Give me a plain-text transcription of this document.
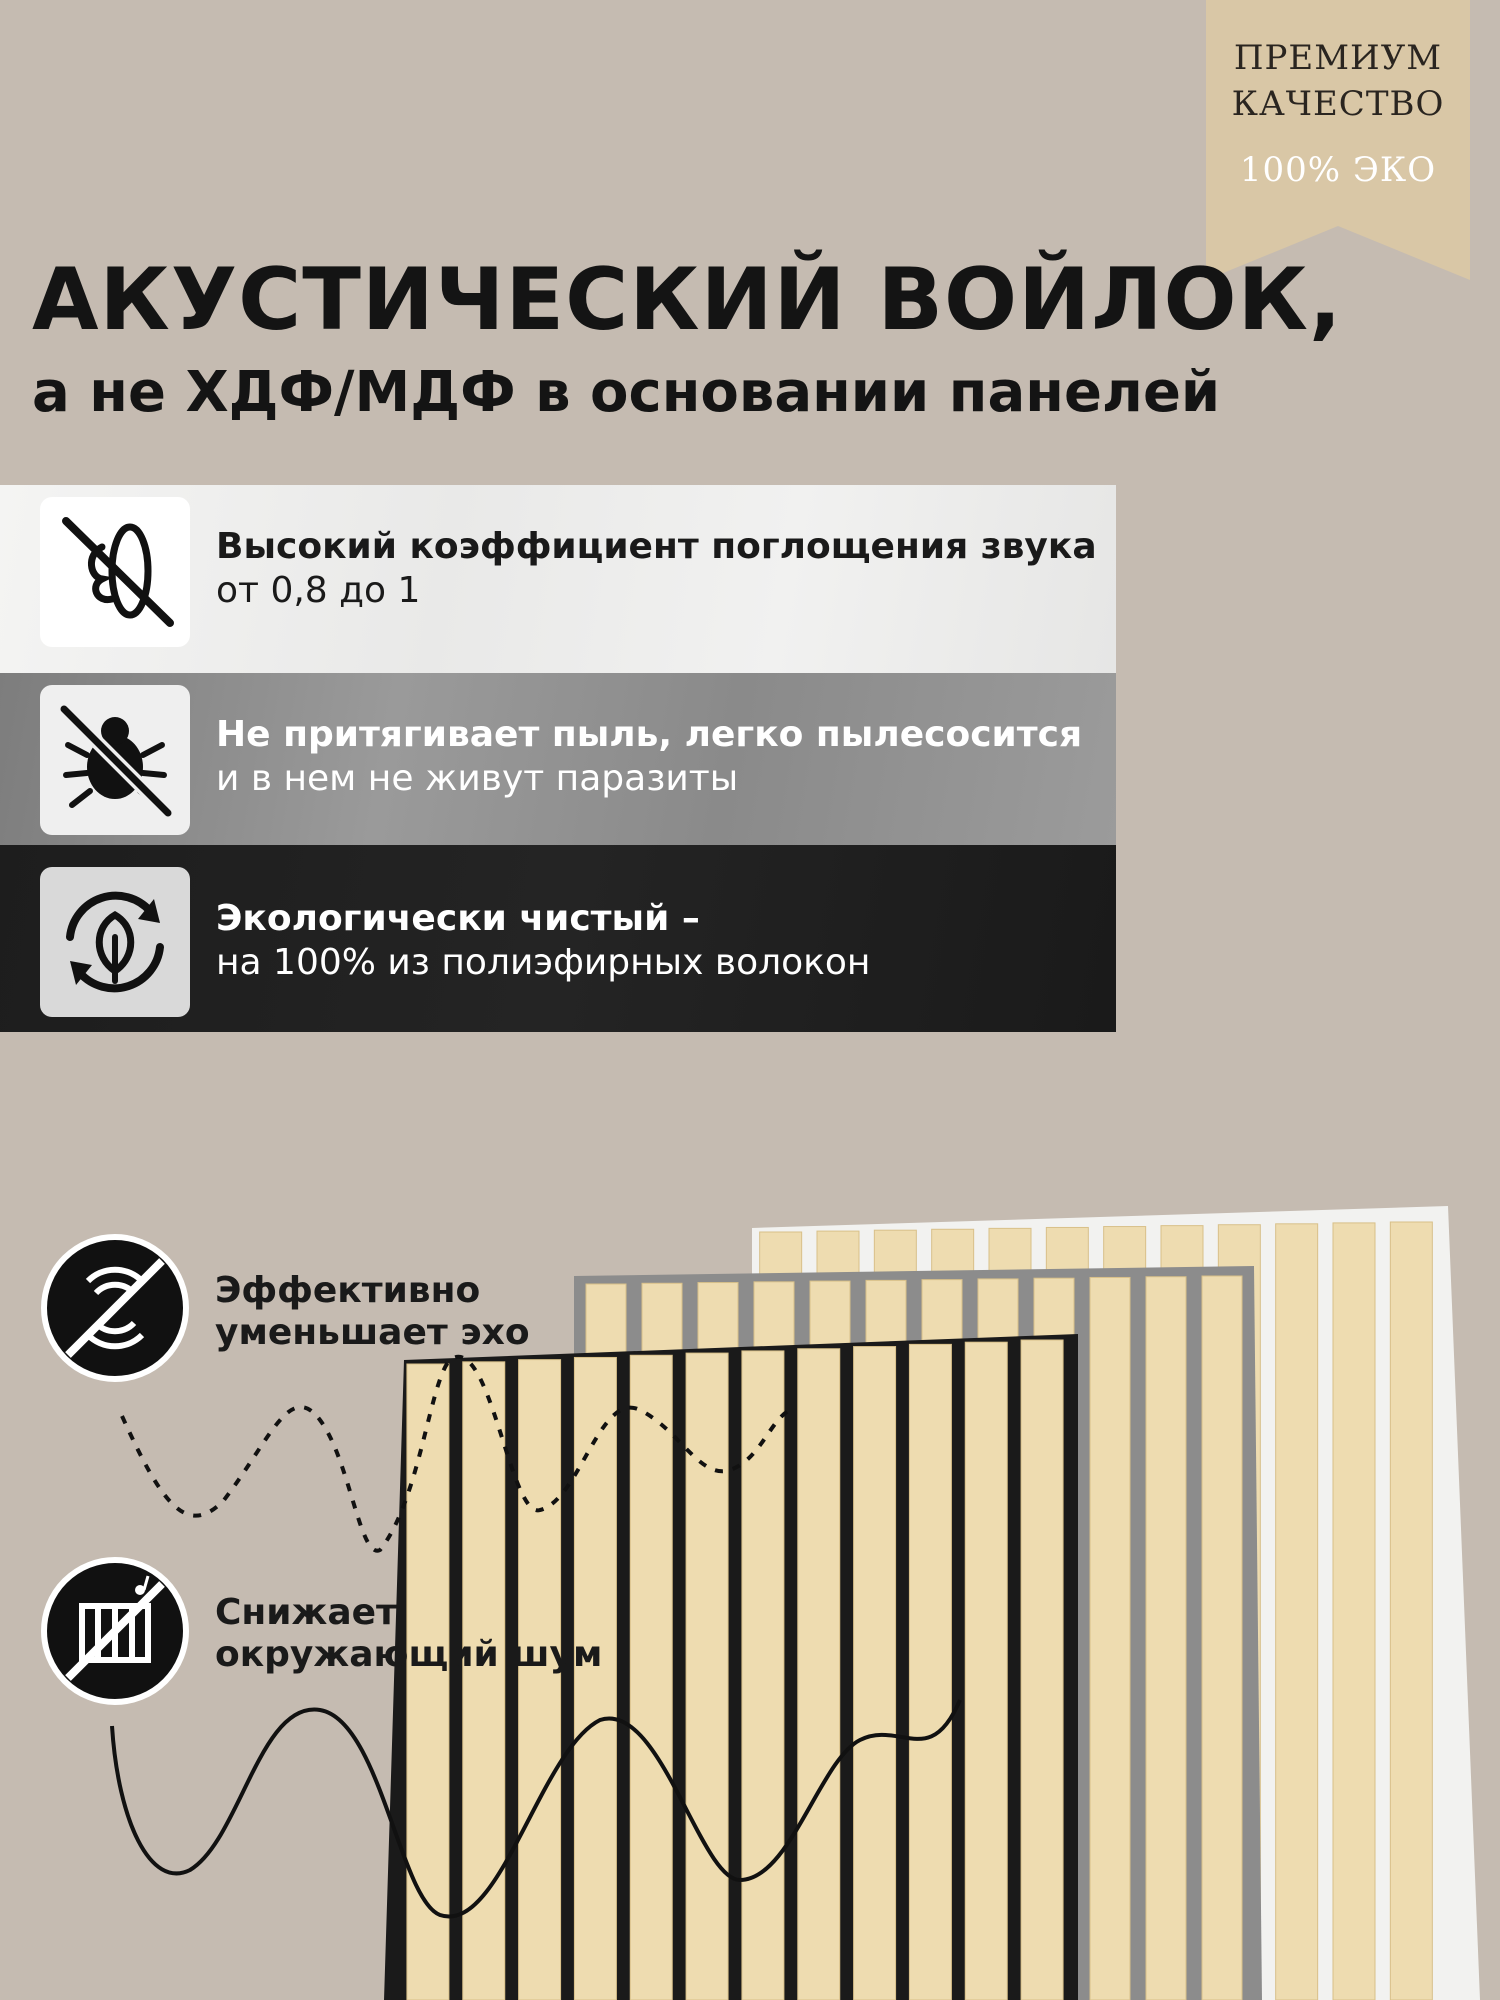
ПРЕМИУМ
КАЧЕСТВО
100% ЭКО
АКУСТИЧЕСКИЙ ВОЙЛОК,
а не ХДФ/МДФ в основании панелей
Высокий коэффициент поглощения звука
от 0,8 до 1
Не притягивает пыль, легко пылесосится
и в нем не живут паразиты
Экологически чистый –
на 100% из полиэфирных волокон
Эффективно
уменьшает эхо
Снижает
окружающий шум
